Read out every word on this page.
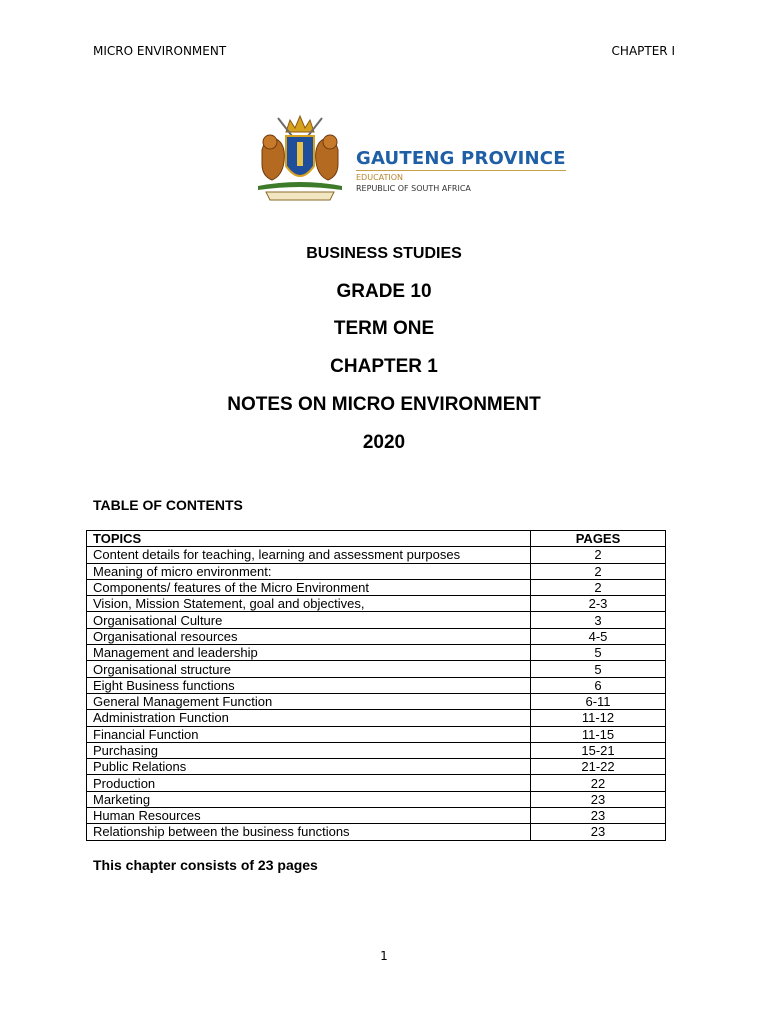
MICRO ENVIRONMENT	CHAPTER I
GAUTENG PROVINCE
EDUCATION
REPUBLIC OF SOUTH AFRICA
BUSINESS STUDIES
GRADE 10
TERM ONE
CHAPTER 1
NOTES ON MICRO ENVIRONMENT
2020
TABLE OF CONTENTS
TOPICS	PAGES
Content details for teaching, learning and assessment purposes	2
Meaning of micro environment:	2
Components/ features of the Micro Environment	2
Vision, Mission Statement, goal and objectives,	2-3
Organisational Culture	3
Organisational resources	4-5
Management and leadership	5
Organisational structure	5
Eight Business functions	6
General Management Function	6-11
Administration Function	11-12
Financial Function	11-15
Purchasing	15-21
Public Relations	21-22
Production	22
Marketing	23
Human Resources	23
Relationship between the business functions	23
This chapter consists of 23 pages
1
